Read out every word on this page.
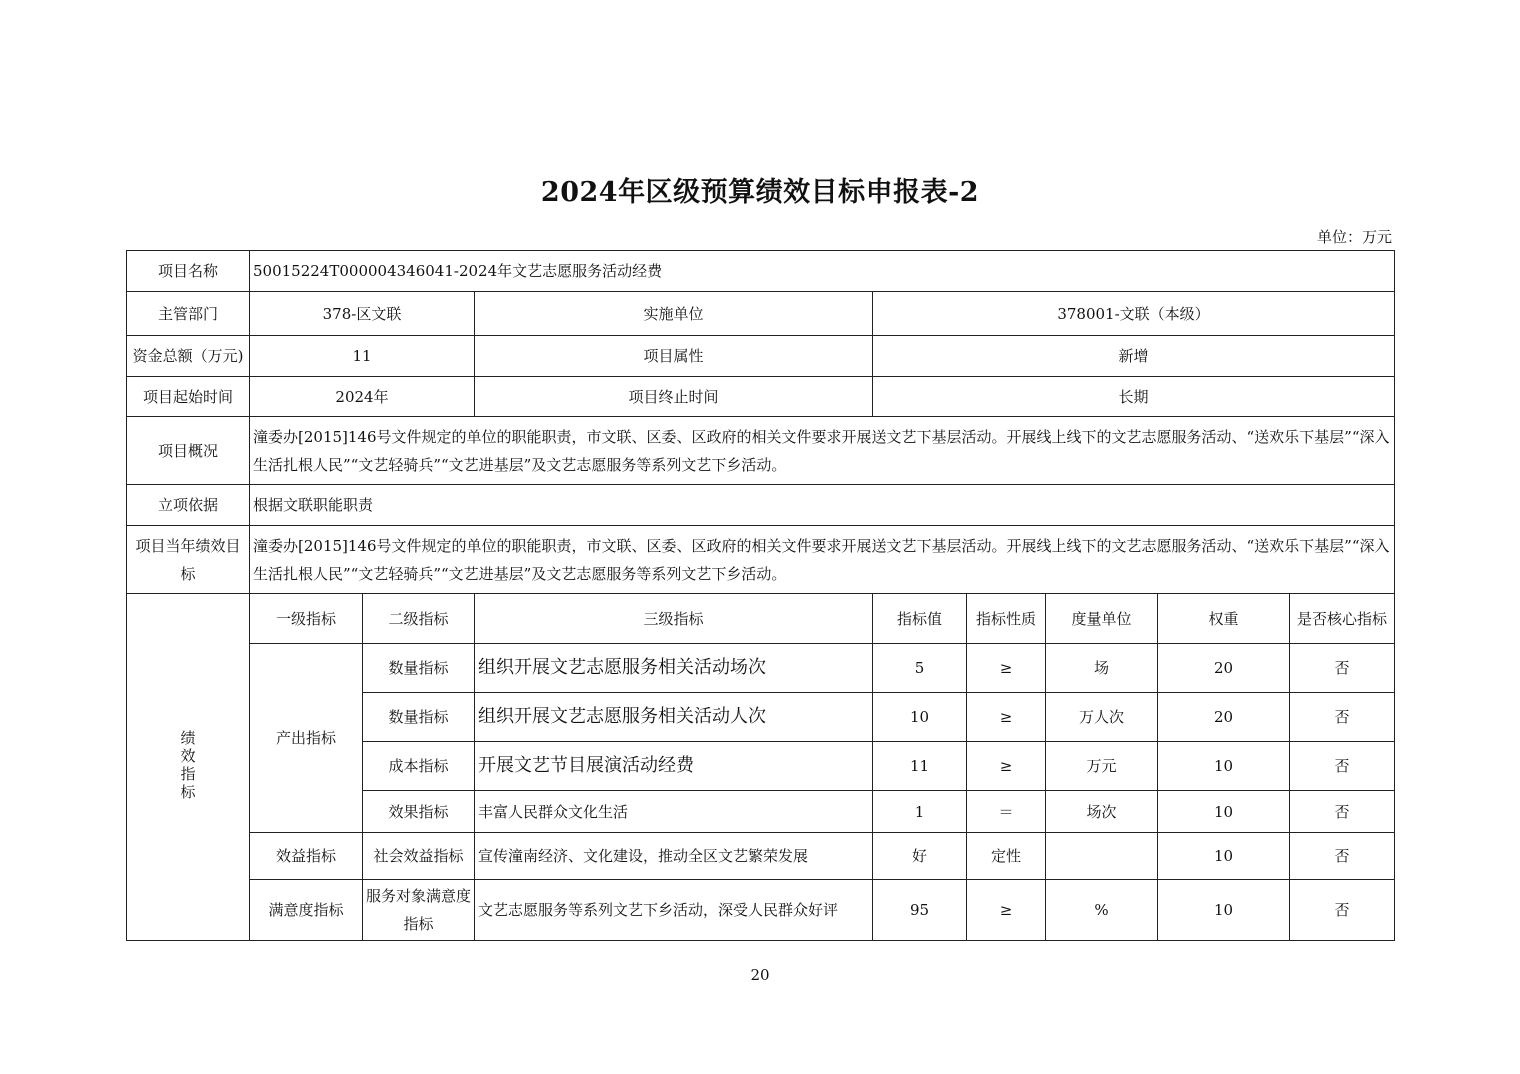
2024年区级预算绩效目标申报表-2
单位：万元
项目名称	50015224T000004346041-2024年文艺志愿服务活动经费							
主管部门	378-区文联		实施单位	378001-文联（本级）				
资金总额（万元)	11		项目属性	新增				
项目起始时间	2024年		项目终止时间	长期				
项目概况	潼委办[2015]146号文件规定的单位的职能职责，市文联、区委、区政府的相关文件要求开展送文艺下基层活动。开展线上线下的文艺志愿服务活动、“送欢乐下基层”“深入生活扎根人民”“文艺轻骑兵”“文艺进基层”及文艺志愿服务等系列文艺下乡活动。							
立项依据	根据文联职能职责							
项目当年绩效目标	潼委办[2015]146号文件规定的单位的职能职责，市文联、区委、区政府的相关文件要求开展送文艺下基层活动。开展线上线下的文艺志愿服务活动、“送欢乐下基层”“深入生活扎根人民”“文艺轻骑兵”“文艺进基层”及文艺志愿服务等系列文艺下乡活动。							
绩效指标	一级指标	二级指标	三级指标	指标值	指标性质	度量单位	权重	是否核心指标
	产出指标	数量指标	组织开展文艺志愿服务相关活动场次	5	≥	场	20	否
		数量指标	组织开展文艺志愿服务相关活动人次	10	≥	万人次	20	否
		成本指标	开展文艺节目展演活动经费	11	≥	万元	10	否
		效果指标	丰富人民群众文化生活	1	＝	场次	10	否
	效益指标	社会效益指标	宣传潼南经济、文化建设，推动全区文艺繁荣发展	好	定性		10	否
	满意度指标	服务对象满意度指标	文艺志愿服务等系列文艺下乡活动，深受人民群众好评	95	≥	%	10	否
20
